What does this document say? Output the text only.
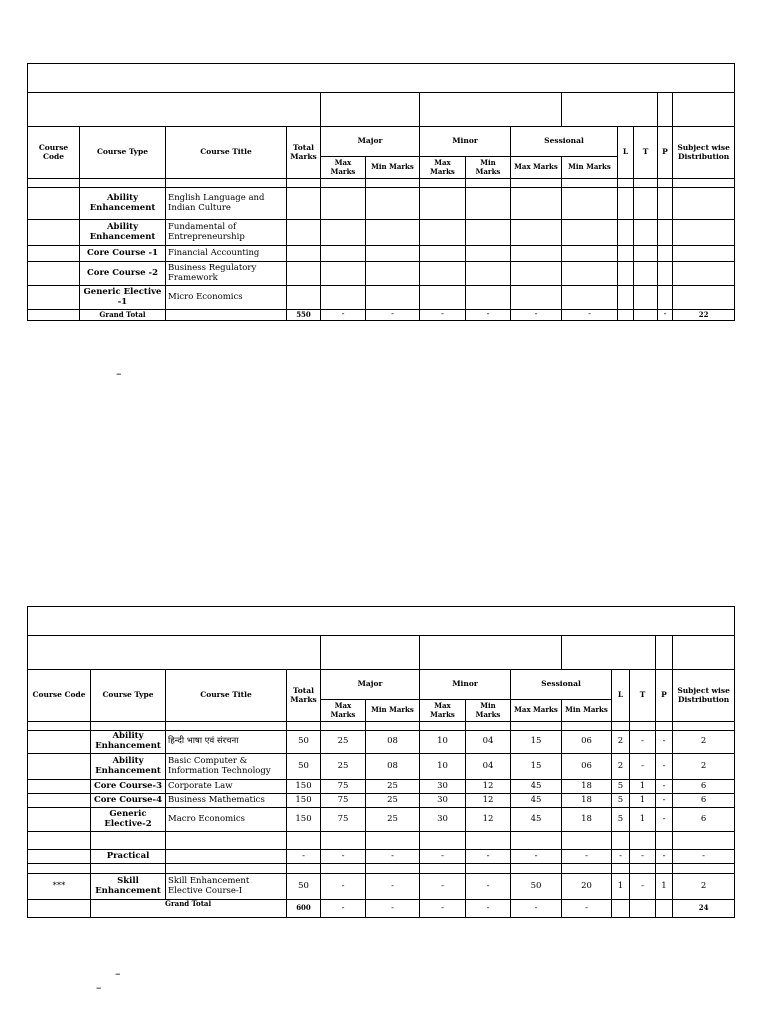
Course Code	Course Type	Course Title	Total Marks	Major		Minor		Sessional		L	T	P	Subject wise Distribution
				Max Marks	Min Marks	Max Marks	Min Marks	Max Marks	Min Marks				

	Ability Enhancement	English Language and Indian Culture											
	Ability Enhancement	Fundamental of Entrepreneurship											
	Core Course -1	Financial Accounting											
	Core Course -2	Business Regulatory Framework											
	Generic Elective -1	Micro Economics											
	Grand Total		550	-	-	-	-	-	-			-	22
–

Course Code	Course Type	Course Title	Total Marks	Major		Minor		Sessional		L	T	P	Subject wise Distribution
				Max Marks	Min Marks	Max Marks	Min Marks	Max Marks	Min Marks				

	Ability Enhancement	हिन्दी भाषा एवं संरचना	50	25	08	10	04	15	06	2	-	-	2
	Ability Enhancement	Basic Computer & Information Technology	50	25	08	10	04	15	06	2	-	-	2
	Core Course-3	Corporate Law	150	75	25	30	12	45	18	5	1	-	6
	Core Course-4	Business Mathematics	150	75	25	30	12	45	18	5	1	-	6
	Generic Elective-2	Macro Economics	150	75	25	30	12	45	18	5	1	-	6

	Practical		-	-	-	-	-	-	-	-	-	-	-

***	Skill Enhancement	Skill Enhancement Elective Course-I	50	-	-	-	-	50	20	1	-	1	2
	Grand Total		600	-	-	-	-	-	-				24
–
–
